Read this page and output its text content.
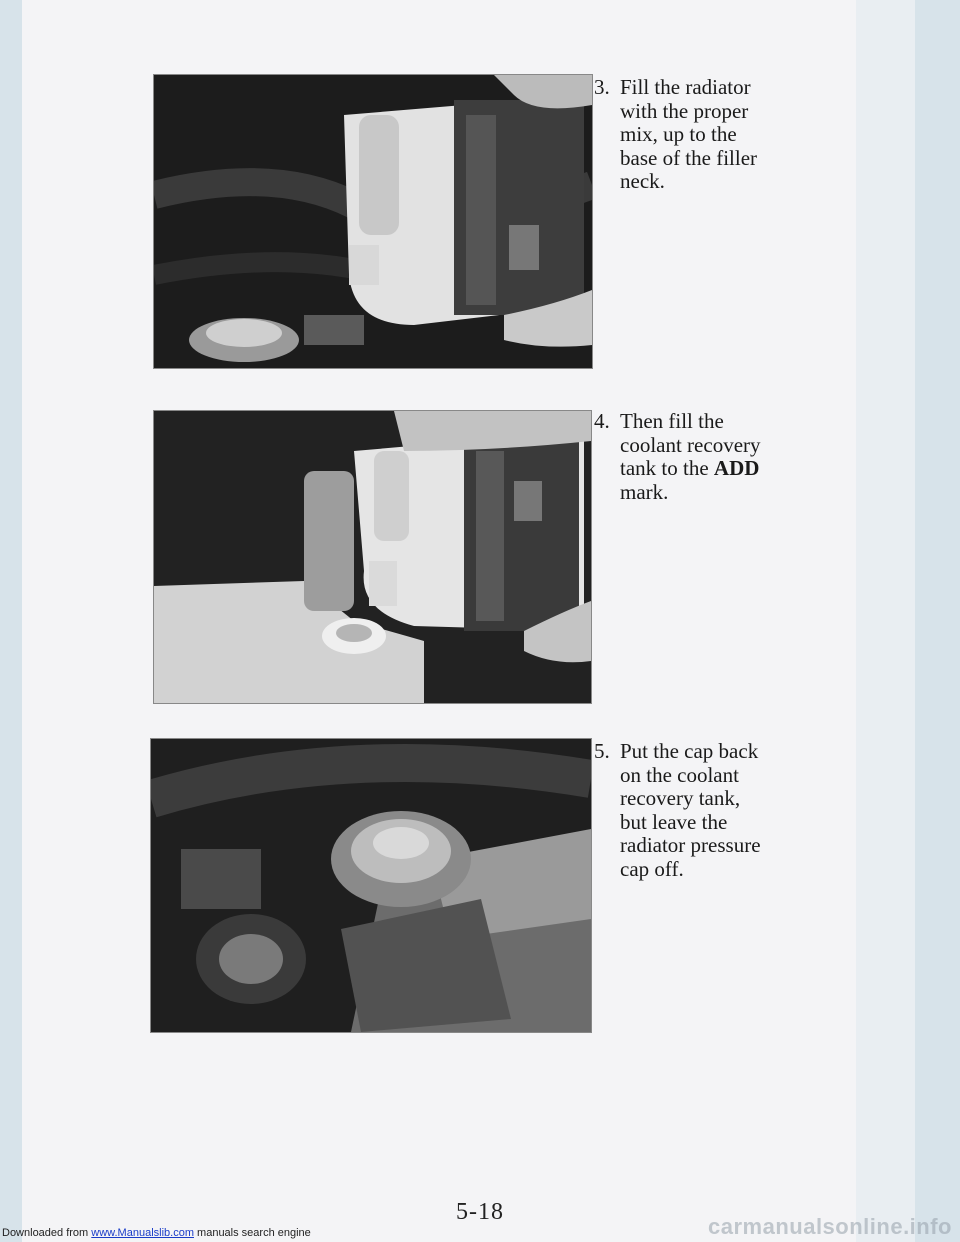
3. Fill the radiator
with the proper
mix, up to the
base of the filler
neck.
4. Then fill the
coolant recovery
tank to the ADD
mark.
5. Put the cap back
on the coolant
recovery tank,
but leave the
radiator pressure
cap off.
5-18
Downloaded from www.Manualslib.com manuals search engine	carmanualsonline.info
